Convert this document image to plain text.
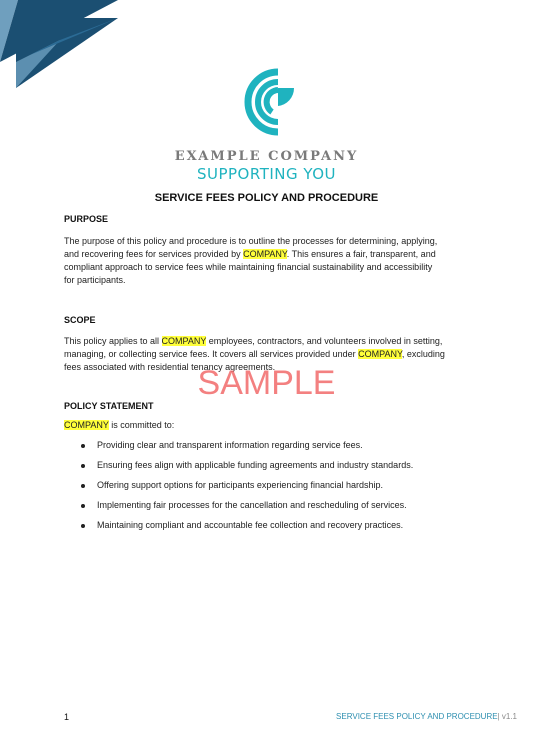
EXAMPLE COMPANY
SUPPORTING YOU
SERVICE FEES POLICY AND PROCEDURE
PURPOSE
The purpose of this policy and procedure is to outline the processes for determining, applying,
and recovering fees for services provided by COMPANY. This ensures a fair, transparent, and
compliant approach to service fees while maintaining financial sustainability and accessibility
for participants.
SCOPE
This policy applies to all COMPANY employees, contractors, and volunteers involved in setting,
managing, or collecting service fees. It covers all services provided under COMPANY, excluding
fees associated with residential tenancy agreements.
SAMPLE
POLICY STATEMENT
COMPANY is committed to:
Providing clear and transparent information regarding service fees.
Ensuring fees align with applicable funding agreements and industry standards.
Offering support options for participants experiencing financial hardship.
Implementing fair processes for the cancellation and rescheduling of services.
Maintaining compliant and accountable fee collection and recovery practices.
1	SERVICE FEES POLICY AND PROCEDURE| v1.1
